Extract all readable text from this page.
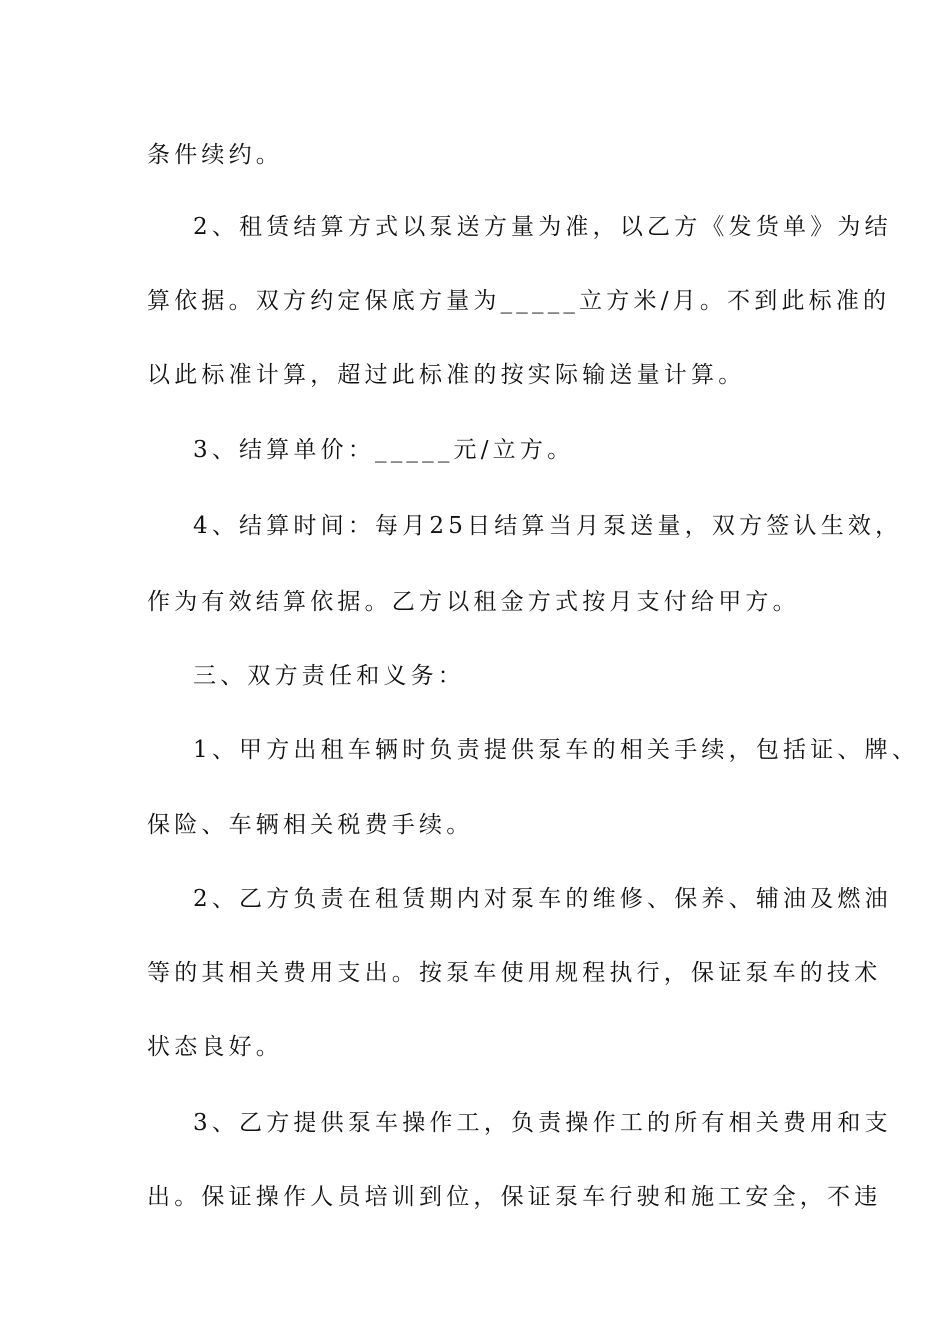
条件续约。
2、租赁结算方式以泵送方量为准，以乙方《发货单》为结
算依据。双方约定保底方量为_____立方米/月。不到此标准的
以此标准计算，超过此标准的按实际输送量计算。
3、结算单价：_____元/立方。
4、结算时间：每月25日结算当月泵送量，双方签认生效，
作为有效结算依据。乙方以租金方式按月支付给甲方。
三、双方责任和义务：
1、甲方出租车辆时负责提供泵车的相关手续，包括证、牌、
保险、车辆相关税费手续。
2、乙方负责在租赁期内对泵车的维修、保养、辅油及燃油
等的其相关费用支出。按泵车使用规程执行，保证泵车的技术
状态良好。
3、乙方提供泵车操作工，负责操作工的所有相关费用和支
出。保证操作人员培训到位，保证泵车行驶和施工安全，不违
